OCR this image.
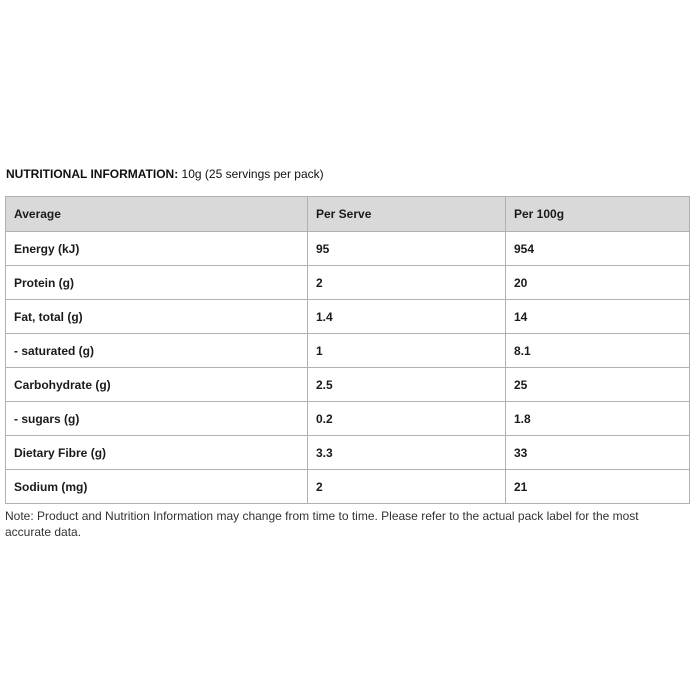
NUTRITIONAL INFORMATION: 10g (25 servings per pack)
Average	Per Serve	Per 100g
Energy (kJ)	95	954
Protein (g)	2	20
Fat, total (g)	1.4	14
- saturated (g)	1	8.1
Carbohydrate (g)	2.5	25
- sugars (g)	0.2	1.8
Dietary Fibre (g)	3.3	33
Sodium (mg)	2	21
Note: Product and Nutrition Information may change from time to time. Please refer to the actual pack label for the most accurate data.
